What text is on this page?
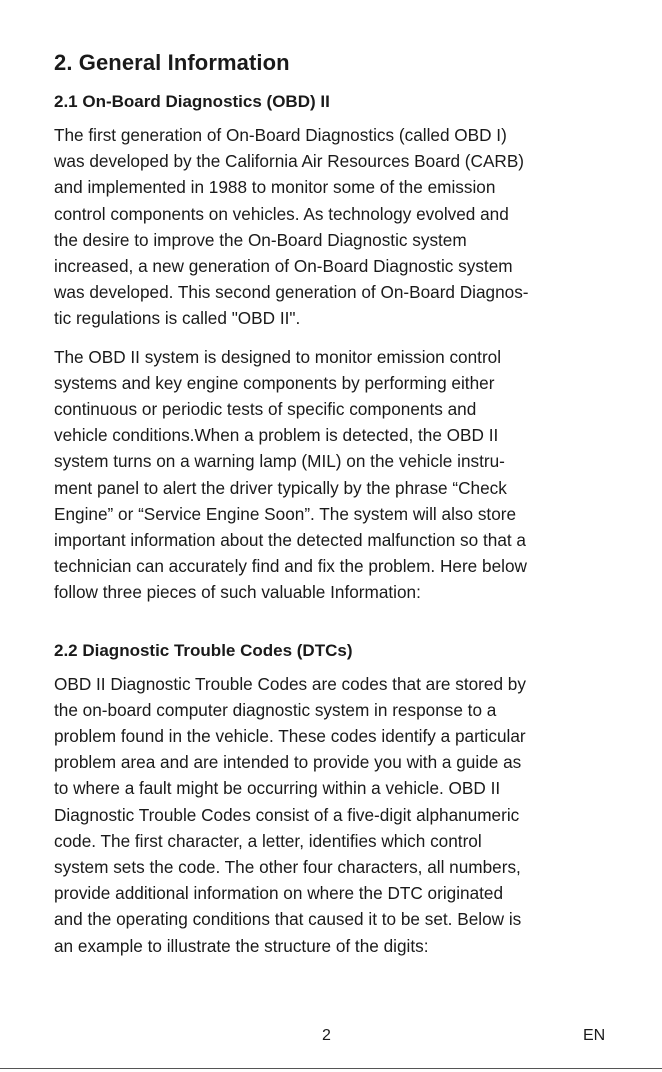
2. General Information
2.1 On-Board Diagnostics (OBD) II
The first generation of On-Board Diagnostics (called OBD I)
was developed by the California Air Resources Board (CARB)
and implemented in 1988 to monitor some of the emission
control components on vehicles. As technology evolved and
the desire to improve the On-Board Diagnostic system
increased, a new generation of On-Board Diagnostic system
was developed. This second generation of On-Board Diagnos-
tic regulations is called "OBD II".
The OBD II system is designed to monitor emission control
systems and key engine components by performing either
continuous or periodic tests of specific components and
vehicle conditions.When a problem is detected, the OBD II
system turns on a warning lamp (MIL) on the vehicle instru-
ment panel to alert the driver typically by the phrase “Check
Engine” or “Service Engine Soon”. The system will also store
important information about the detected malfunction so that a
technician can accurately find and fix the problem. Here below
follow three pieces of such valuable Information:
2.2 Diagnostic Trouble Codes (DTCs)
OBD II Diagnostic Trouble Codes are codes that are stored by
the on-board computer diagnostic system in response to a
problem found in the vehicle. These codes identify a particular
problem area and are intended to provide you with a guide as
to where a fault might be occurring within a vehicle. OBD II
Diagnostic Trouble Codes consist of a five-digit alphanumeric
code. The first character, a letter, identifies which control
system sets the code. The other four characters, all numbers,
provide additional information on where the DTC originated
and the operating conditions that caused it to be set. Below is
an example to illustrate the structure of the digits:
2	EN
